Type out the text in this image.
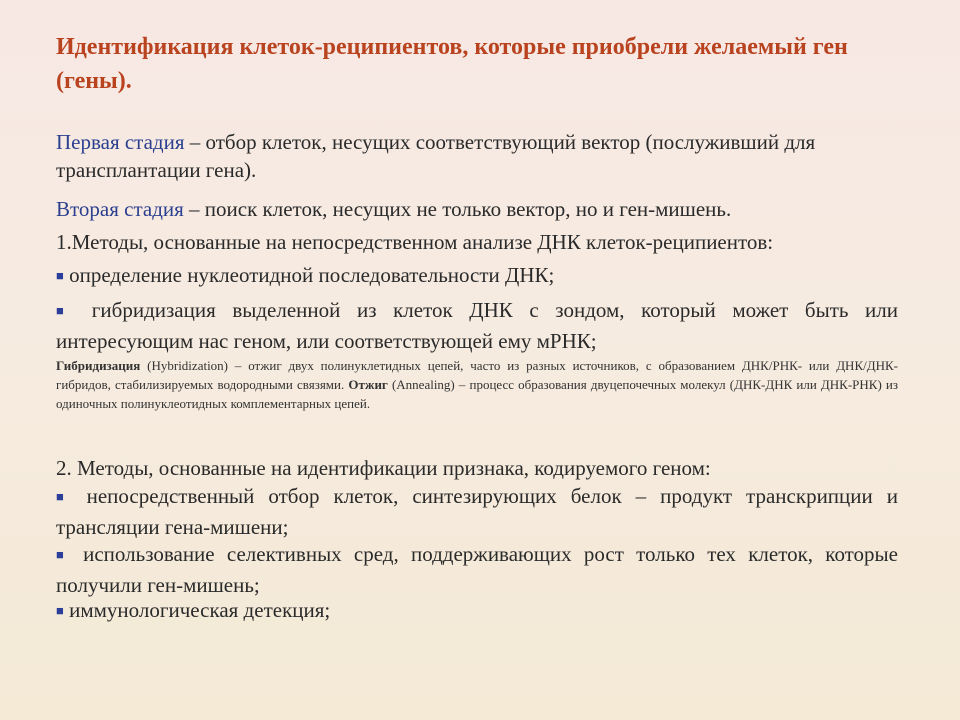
Идентификация клеток-реципиентов, которые приобрели желаемый ген (гены).

Первая стадия – отбор клеток, несущих соответствующий вектор (послуживший для трансплантации гена).

Вторая стадия – поиск клеток, несущих не только вектор, но и ген-мишень.

1.Методы, основанные на непосредственном анализе ДНК клеток-реципиентов:

■ определение нуклеотидной последовательности ДНК;

■ гибридизация выделенной из клеток ДНК с зондом, который может быть или интересующим нас геном, или соответствующей ему мРНК;

Гибридизация (Hybridization) – отжиг двух полинуклетидных цепей, часто из разных источников, с образованием ДНК/РНК- или ДНК/ДНК-гибридов, стабилизируемых водородными связями. Отжиг (Annealing) – процесс образования двуцепочечных молекул (ДНК-ДНК или ДНК-РНК) из одиночных полинуклеотидных комплементарных цепей.

2. Методы, основанные на идентификации признака, кодируемого геном:

■ непосредственный отбор клеток, синтезирующих белок – продукт транскрипции и трансляции гена-мишени;

■ использование селективных сред, поддерживающих рост только тех клеток, которые получили ген-мишень;

■ иммунологическая детекция;
